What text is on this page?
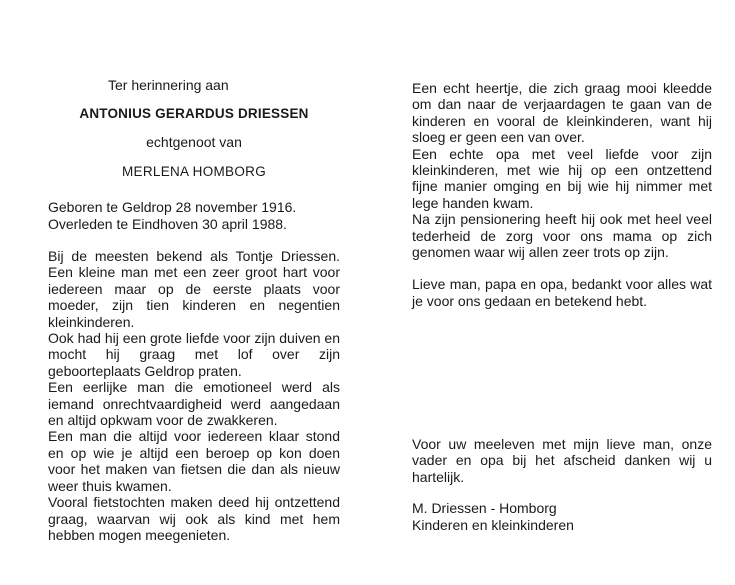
Ter herinnering aan
ANTONIUS GERARDUS DRIESSEN
echtgenoot van
MERLENA HOMBORG
Geboren te Geldrop 28 november 1916.
Overleden te Eindhoven 30 april 1988.

Bij de meesten bekend als Tontje Driessen. Een kleine man met een zeer groot hart voor iedereen maar op de eerste plaats voor moeder, zijn tien kinderen en negentien kleinkinderen.

Ook had hij een grote liefde voor zijn duiven en mocht hij graag met lof over zijn geboorteplaats Geldrop praten.

Een eerlijke man die emotioneel werd als iemand onrechtvaardigheid werd aangedaan en altijd opkwam voor de zwakkeren.

Een man die altijd voor iedereen klaar stond en op wie je altijd een beroep op kon doen voor het maken van fietsen die dan als nieuw weer thuis kwamen.

Vooral fietstochten maken deed hij ontzettend graag, waarvan wij ook als kind met hem hebben mogen meegenieten.

Een echt heertje, die zich graag mooi kleedde om dan naar de verjaardagen te gaan van de kinderen en vooral de kleinkinderen, want hij sloeg er geen een van over.

Een echte opa met veel liefde voor zijn kleinkinderen, met wie hij op een ontzettend fijne manier omging en bij wie hij nimmer met lege handen kwam.

Na zijn pensionering heeft hij ook met heel veel tederheid de zorg voor ons mama op zich genomen waar wij allen zeer trots op zijn.

Lieve man, papa en opa, bedankt voor alles wat je voor ons gedaan en betekend hebt.

Voor uw meeleven met mijn lieve man, onze vader en opa bij het afscheid danken wij u hartelijk.

M. Driessen - Homborg
Kinderen en kleinkinderen
